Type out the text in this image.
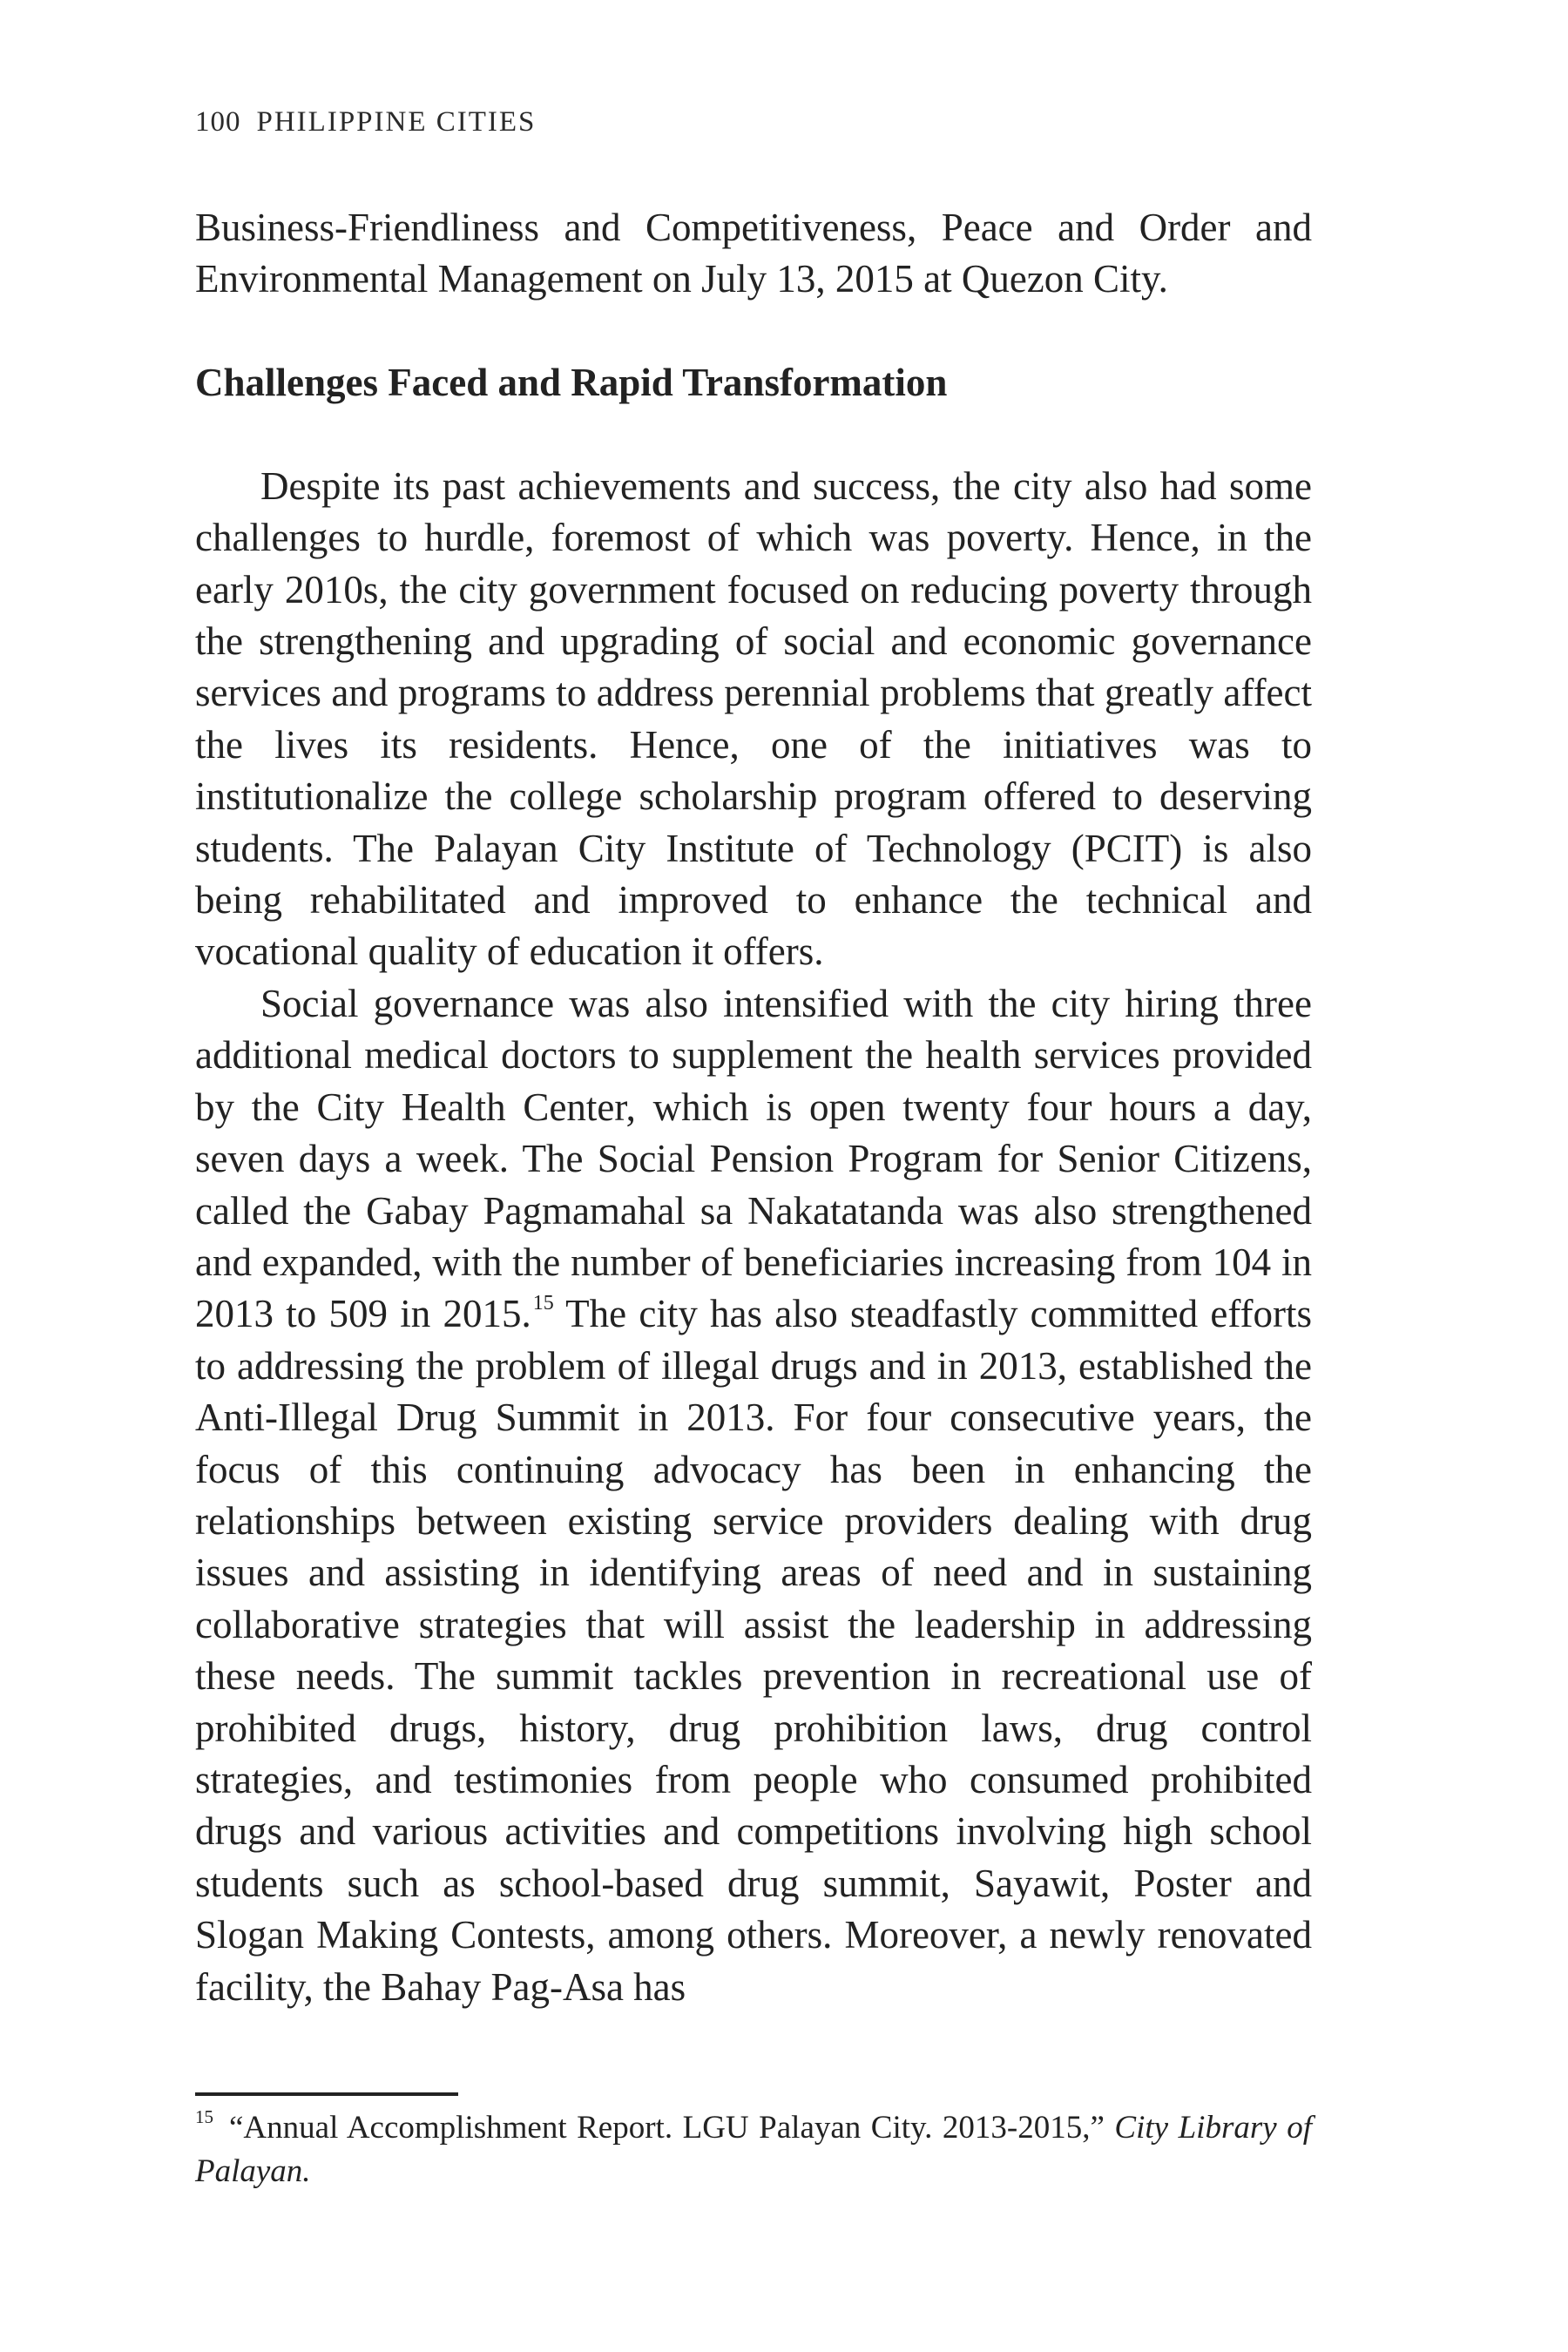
100 PHILIPPINE CITIES

Business-Friendliness and Competitiveness, Peace and Order and Environmental Management on July 13, 2015 at Quezon City.

Challenges Faced and Rapid Transformation

Despite its past achievements and success, the city also had some challenges to hurdle, foremost of which was poverty. Hence, in the early 2010s, the city government focused on reducing poverty through the strengthening and upgrading of social and economic governance services and programs to address perennial problems that greatly affect the lives its residents. Hence, one of the initiatives was to institutionalize the college scholarship program offered to deserving students. The Palayan City Institute of Technology (PCIT) is also being rehabilitated and improved to enhance the technical and vocational quality of education it offers.

Social governance was also intensified with the city hiring three additional medical doctors to supplement the health services provided by the City Health Center, which is open twenty four hours a day, seven days a week. The Social Pension Program for Senior Citizens, called the Gabay Pagmamahal sa Nakatatanda was also strengthened and expanded, with the number of beneficiaries increasing from 104 in 2013 to 509 in 2015.15 The city has also steadfastly committed efforts to addressing the problem of illegal drugs and in 2013, established the Anti-Illegal Drug Summit in 2013. For four consecutive years, the focus of this continuing advocacy has been in enhancing the relationships between existing service providers dealing with drug issues and assisting in identifying areas of need and in sustaining collaborative strategies that will assist the leadership in addressing these needs. The summit tackles prevention in recreational use of prohibited drugs, history, drug prohibition laws, drug control strategies, and testimonies from people who consumed prohibited drugs and various activities and competitions involving high school students such as school-based drug summit, Sayawit, Poster and Slogan Making Contests, among others. Moreover, a newly renovated facility, the Bahay Pag-Asa has

$^{15}$ “Annual Accomplishment Report. LGU Palayan City. 2013-2015,” City Library of Palayan.
